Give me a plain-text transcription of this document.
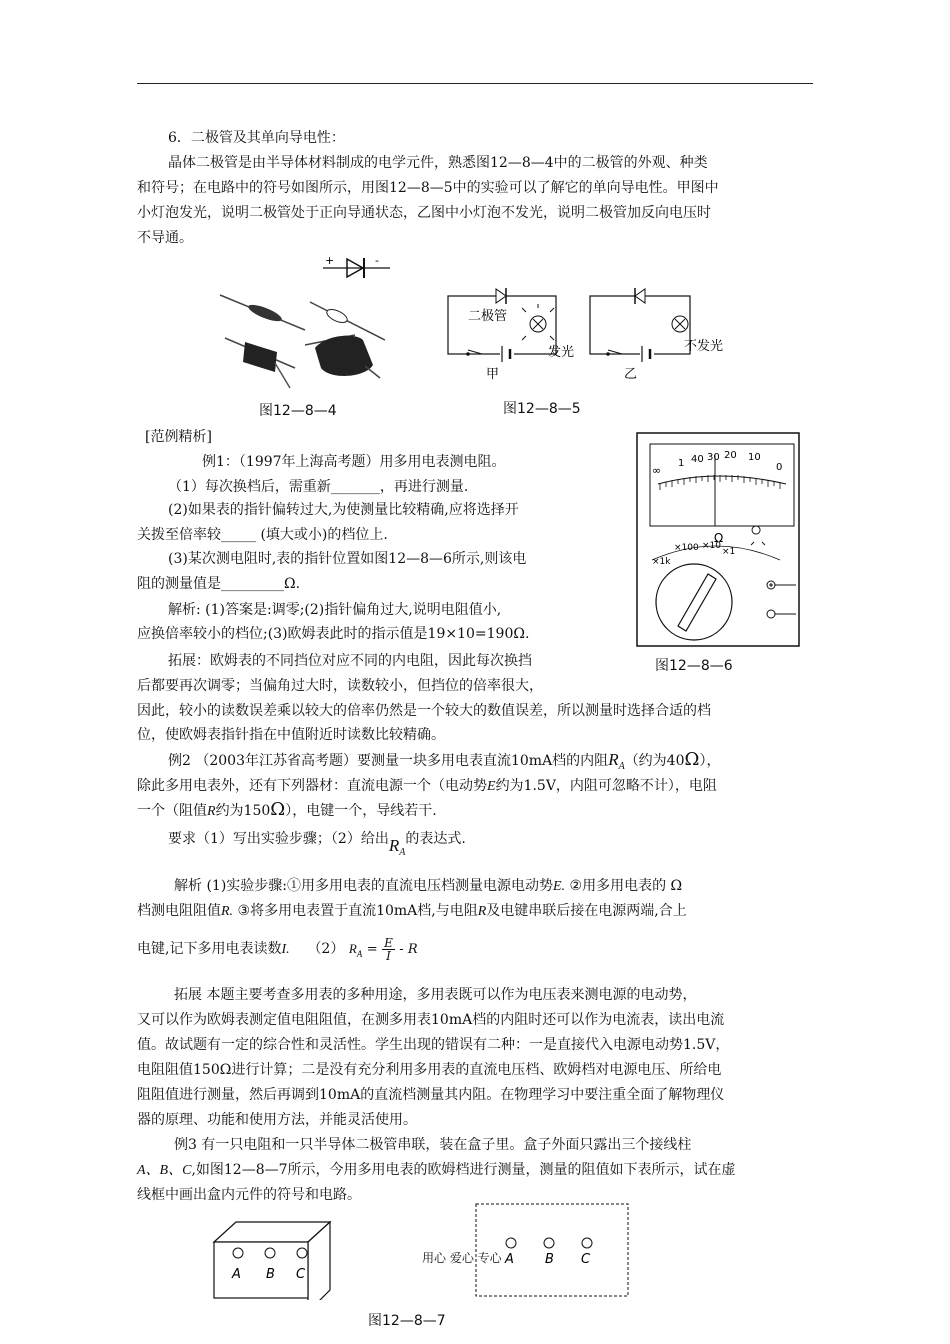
6．二极管及其单向导电性：
晶体二极管是由半导体材料制成的电学元件，熟悉图12—8—4中的二极管的外观、种类
和符号；在电路中的符号如图所示，用图12—8—5中的实验可以了解它的单向导电性。甲图中
小灯泡发光，说明二极管处于正向导通状态，乙图中小灯泡不发光，说明二极管加反向电压时
不导通。
+	-
图12—8—4
二极管
发光
甲
不发光
乙
图12—8—5
[范例精析]
例1：（1997年上海高考题）用多用电表测电阻。
（1）每次换档后，需重新_______，再进行测量.
(2)如果表的指针偏转过大,为使测量比较精确,应将选择开
关拨至倍率较_____ (填大或小)的档位上.
(3)某次测电阻时,表的指针位置如图12—8—6所示,则该电
阻的测量值是_________Ω.
解析: (1)答案是:调零;(2)指针偏角过大,说明电阻值小,
应换倍率较小的档位;(3)欧姆表此时的指示值是19×10=190Ω.
拓展：欧姆表的不同挡位对应不同的内电阻，因此每次换挡
后都要再次调零；当偏角过大时，读数较小，但挡位的倍率很大，
因此，较小的读数误差乘以较大的倍率仍然是一个较大的数值误差，所以测量时选择合适的档
位，使欧姆表指针指在中值附近时读数比较精确。
∞
1 40 30 20 10
0
Ω
×1k
×100 ×10
×1
图12—8—6
例2 （2003年江苏省高考题）要测量一块多用电表直流10mA档的内阻$R_A$（约为40Ω），
除此多用电表外，还有下列器材：直流电源一个（电动势E约为1.5V，内阻可忽略不计），电阻
一个（阻值R约为150Ω），电键一个，导线若干.
要求（1）写出实验步骤；（2）给出$R_A$的表达式.
解析 (1)实验步骤:①用多用电表的直流电压档测量电源电动势E. ②用多用电表的 Ω
档测电阻阻值R. ③将多用电表置于直流10mA档,与电阻R及电键串联后接在电源两端,合上
电键,记下多用电表读数I. （2） $R_A = \frac{E}{I} - R$
拓展 本题主要考查多用表的多种用途，多用表既可以作为电压表来测电源的电动势，
又可以作为欧姆表测定值电阻阻值，在测多用表10mA档的内阻时还可以作为电流表，读出电流
值。故试题有一定的综合性和灵活性。学生出现的错误有二种：一是直接代入电源电动势1.5V，
电阻阻值150Ω进行计算；二是没有充分利用多用表的直流电压档、欧姆档对电源电压、所给电
阻阻值进行测量，然后再调到10mA的直流档测量其内阻。在物理学习中要注重全面了解物理仪
器的原理、功能和使用方法，并能灵活使用。
例3 有一只电阻和一只半导体二极管串联，装在盒子里。盒子外面只露出三个接线柱
A、B、C,如图12—8—7所示，今用多用电表的欧姆档进行测量，测量的阻值如下表所示，试在虚
线框中画出盒内元件的符号和电路。
A B C
A B C
用心 爱心 专心
图12—8—7
